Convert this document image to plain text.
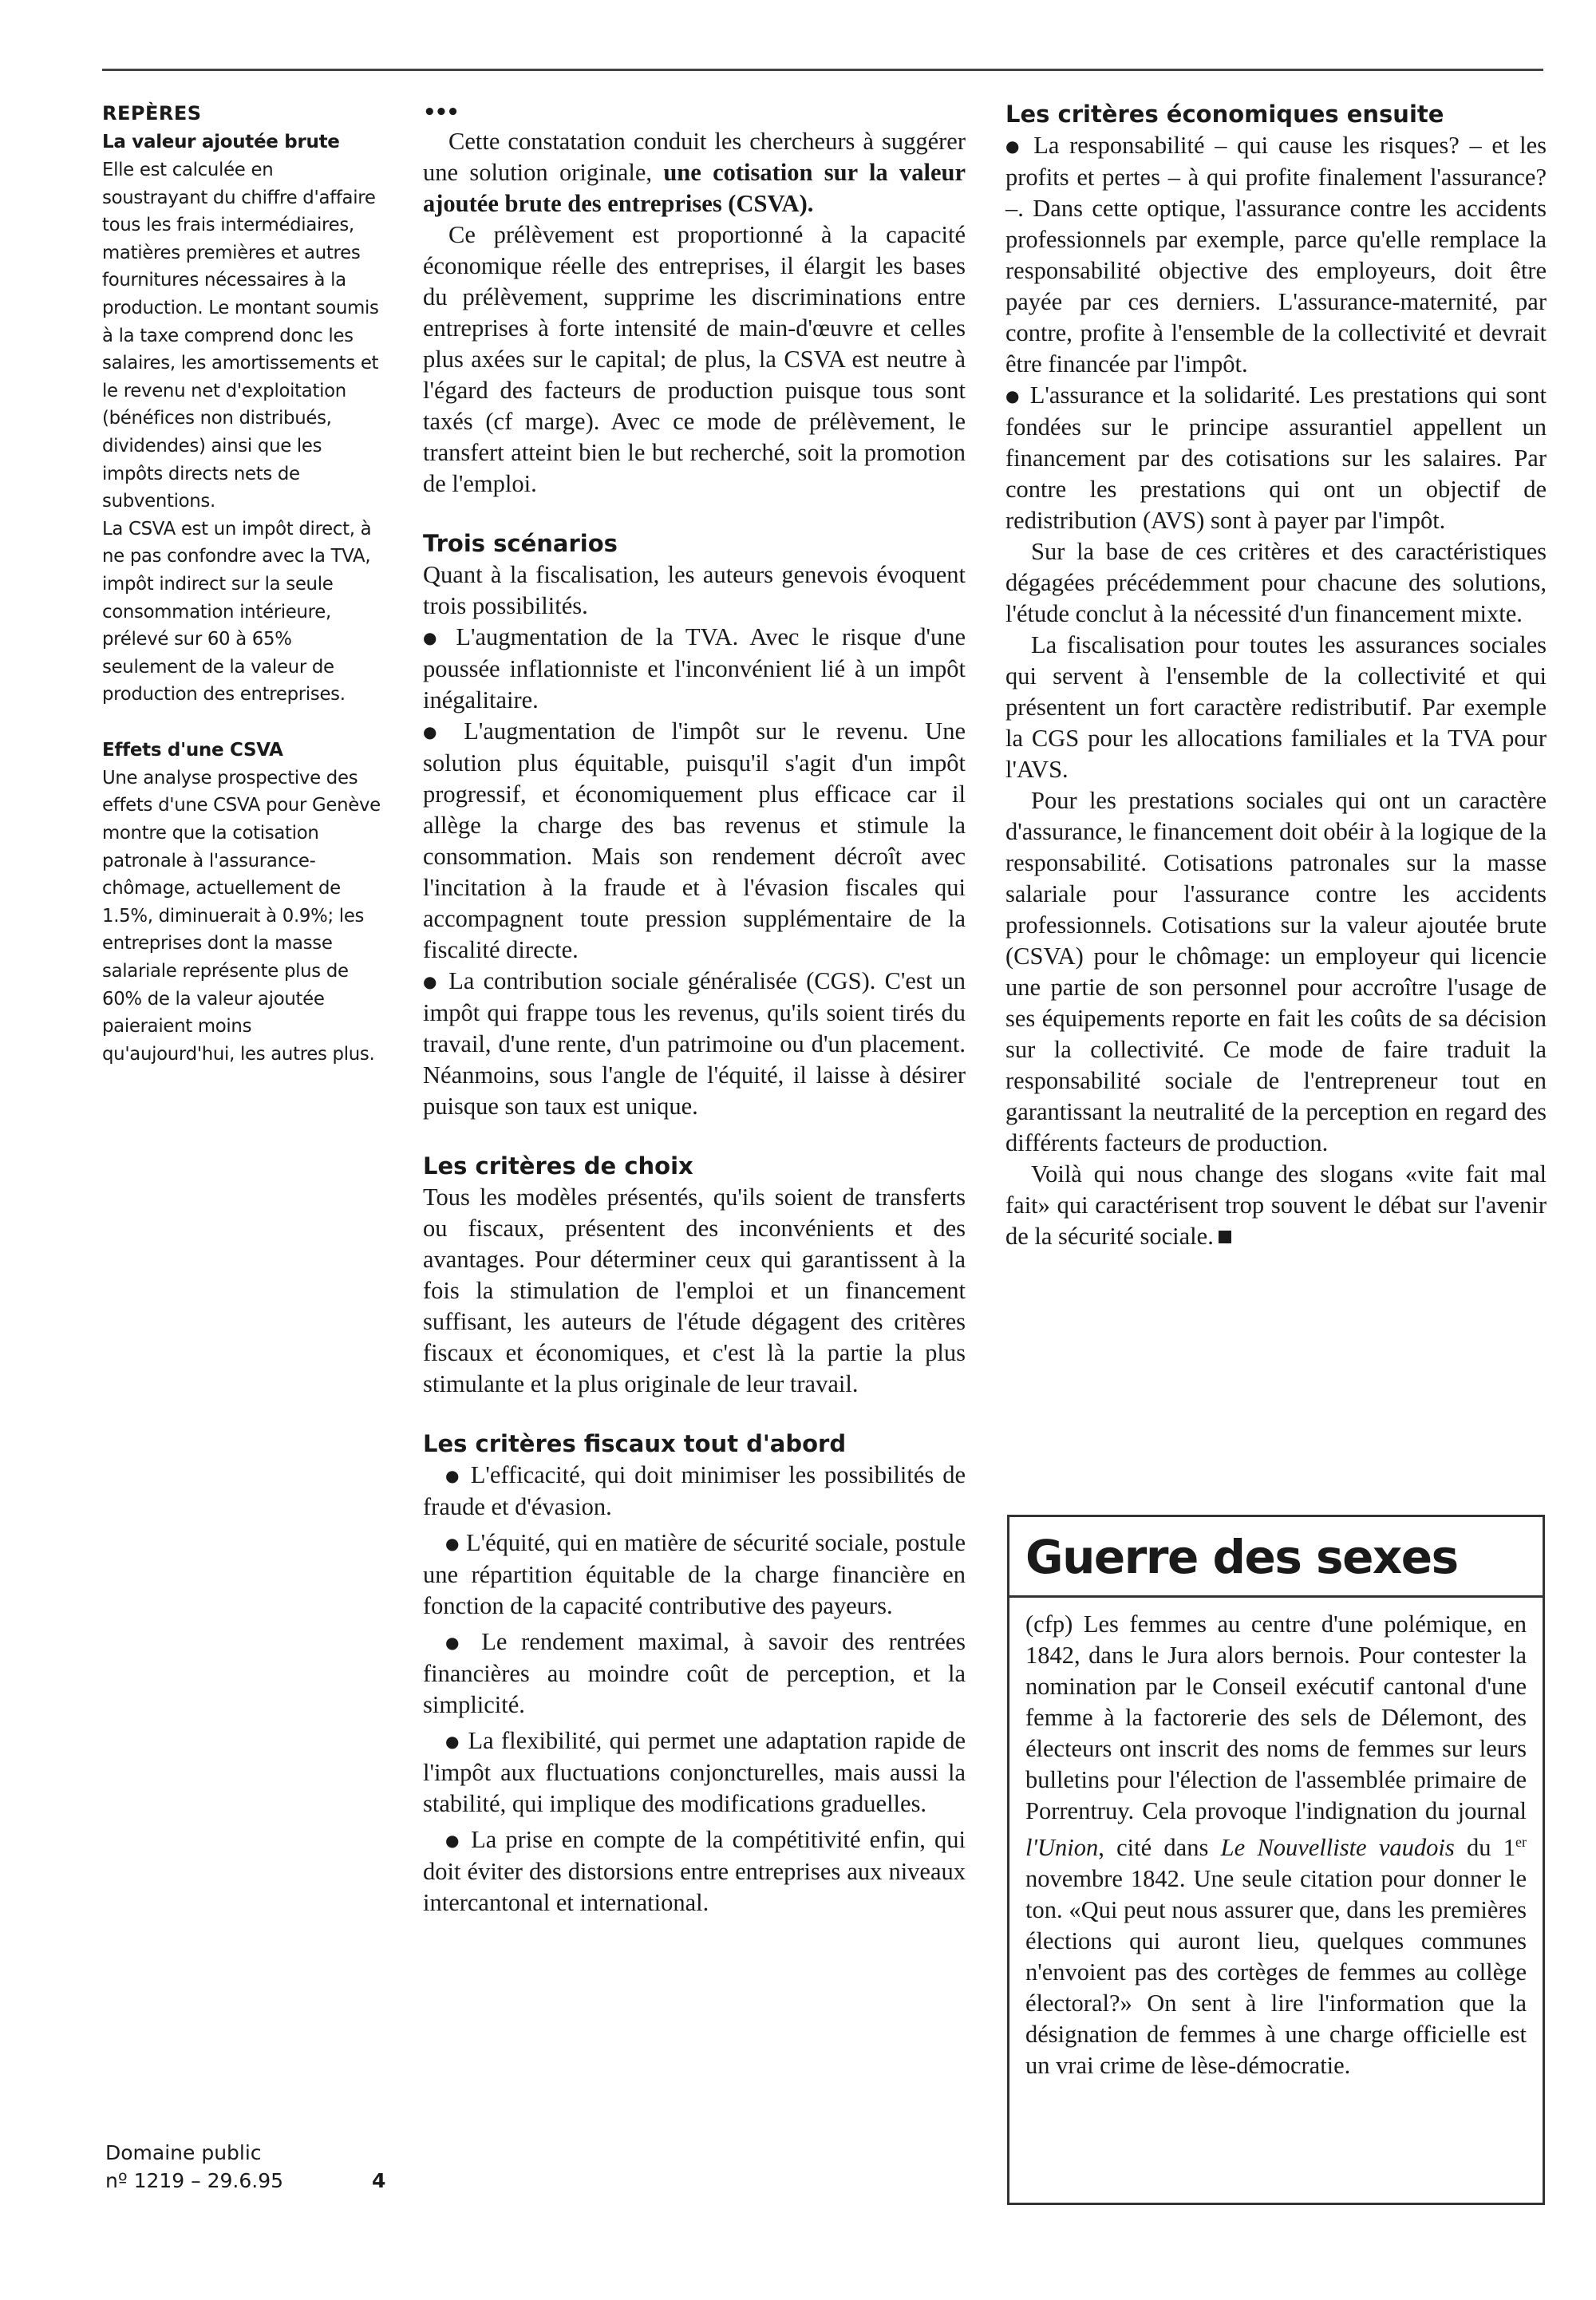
REPÈRES
La valeur ajoutée brute

Elle est calculée en soustrayant du chiffre d'affaire tous les frais intermédiaires, matières premières et autres fournitures nécessaires à la production. Le montant soumis à la taxe comprend donc les salaires, les amortissements et le revenu net d'exploitation (bénéfices non distribués, dividendes) ainsi que les impôts directs nets de subventions.

La CSVA est un impôt direct, à ne pas confondre avec la TVA, impôt indirect sur la seule consommation intérieure, prélevé sur 60 à 65% seulement de la valeur de production des entreprises.

Effets d'une CSVA

Une analyse prospective des effets d'une CSVA pour Genève montre que la cotisation patronale à l'assurance-chômage, actuellement de 1.5%, diminuerait à 0.9%; les entreprises dont la masse salariale représente plus de 60% de la valeur ajoutée paieraient moins qu'aujourd'hui, les autres plus.

•••

Cette constatation conduit les chercheurs à suggérer une solution originale, une cotisation sur la valeur ajoutée brute des entreprises (CSVA).

Ce prélèvement est proportionné à la capacité économique réelle des entreprises, il élargit les bases du prélèvement, supprime les discriminations entre entreprises à forte intensité de main-d'œuvre et celles plus axées sur le capital; de plus, la CSVA est neutre à l'égard des facteurs de production puisque tous sont taxés (cf marge). Avec ce mode de prélèvement, le transfert atteint bien le but recherché, soit la promotion de l'emploi.

Trois scénarios

Quant à la fiscalisation, les auteurs genevois évoquent trois possibilités.

● L'augmentation de la TVA. Avec le risque d'une poussée inflationniste et l'inconvénient lié à un impôt inégalitaire.

● L'augmentation de l'impôt sur le revenu. Une solution plus équitable, puisqu'il s'agit d'un impôt progressif, et économiquement plus efficace car il allège la charge des bas revenus et stimule la consommation. Mais son rendement décroît avec l'incitation à la fraude et à l'évasion fiscales qui accompagnent toute pression supplémentaire de la fiscalité directe.

● La contribution sociale généralisée (CGS). C'est un impôt qui frappe tous les revenus, qu'ils soient tirés du travail, d'une rente, d'un patrimoine ou d'un placement. Néanmoins, sous l'angle de l'équité, il laisse à désirer puisque son taux est unique.

Les critères de choix

Tous les modèles présentés, qu'ils soient de transferts ou fiscaux, présentent des inconvénients et des avantages. Pour déterminer ceux qui garantissent à la fois la stimulation de l'emploi et un financement suffisant, les auteurs de l'étude dégagent des critères fiscaux et économiques, et c'est là la partie la plus stimulante et la plus originale de leur travail.

Les critères fiscaux tout d'abord

● L'efficacité, qui doit minimiser les possibilités de fraude et d'évasion.

● L'équité, qui en matière de sécurité sociale, postule une répartition équitable de la charge financière en fonction de la capacité contributive des payeurs.

● Le rendement maximal, à savoir des rentrées financières au moindre coût de perception, et la simplicité.

● La flexibilité, qui permet une adaptation rapide de l'impôt aux fluctuations conjoncturelles, mais aussi la stabilité, qui implique des modifications graduelles.

● La prise en compte de la compétitivité enfin, qui doit éviter des distorsions entre entreprises aux niveaux intercantonal et international.

Les critères économiques ensuite

● La responsabilité – qui cause les risques? – et les profits et pertes – à qui profite finalement l'assurance? –. Dans cette optique, l'assurance contre les accidents professionnels par exemple, parce qu'elle remplace la responsabilité objective des employeurs, doit être payée par ces derniers. L'assurance-maternité, par contre, profite à l'ensemble de la collectivité et devrait être financée par l'impôt.

● L'assurance et la solidarité. Les prestations qui sont fondées sur le principe assurantiel appellent un financement par des cotisations sur les salaires. Par contre les prestations qui ont un objectif de redistribution (AVS) sont à payer par l'impôt.

Sur la base de ces critères et des caractéristiques dégagées précédemment pour chacune des solutions, l'étude conclut à la nécessité d'un financement mixte.

La fiscalisation pour toutes les assurances sociales qui servent à l'ensemble de la collectivité et qui présentent un fort caractère redistributif. Par exemple la CGS pour les allocations familiales et la TVA pour l'AVS.

Pour les prestations sociales qui ont un caractère d'assurance, le financement doit obéir à la logique de la responsabilité. Cotisations patronales sur la masse salariale pour l'assurance contre les accidents professionnels. Cotisations sur la valeur ajoutée brute (CSVA) pour le chômage: un employeur qui licencie une partie de son personnel pour accroître l'usage de ses équipements reporte en fait les coûts de sa décision sur la collectivité. Ce mode de faire traduit la responsabilité sociale de l'entrepreneur tout en garantissant la neutralité de la perception en regard des différents facteurs de production.

Voilà qui nous change des slogans «vite fait mal fait» qui caractérisent trop souvent le débat sur l'avenir de la sécurité sociale.

Guerre des sexes

(cfp) Les femmes au centre d'une polémique, en 1842, dans le Jura alors bernois. Pour contester la nomination par le Conseil exécutif cantonal d'une femme à la factorerie des sels de Délemont, des électeurs ont inscrit des noms de femmes sur leurs bulletins pour l'élection de l'assemblée primaire de Porrentruy. Cela provoque l'indignation du journal l'Union, cité dans Le Nouvelliste vaudois du 1er novembre 1842. Une seule citation pour donner le ton. «Qui peut nous assurer que, dans les premières élections qui auront lieu, quelques communes n'envoient pas des cortèges de femmes au collège électoral?» On sent à lire l'information que la désignation de femmes à une charge officielle est un vrai crime de lèse-démocratie.

Domaine public
nº 1219 – 29.6.95	4
